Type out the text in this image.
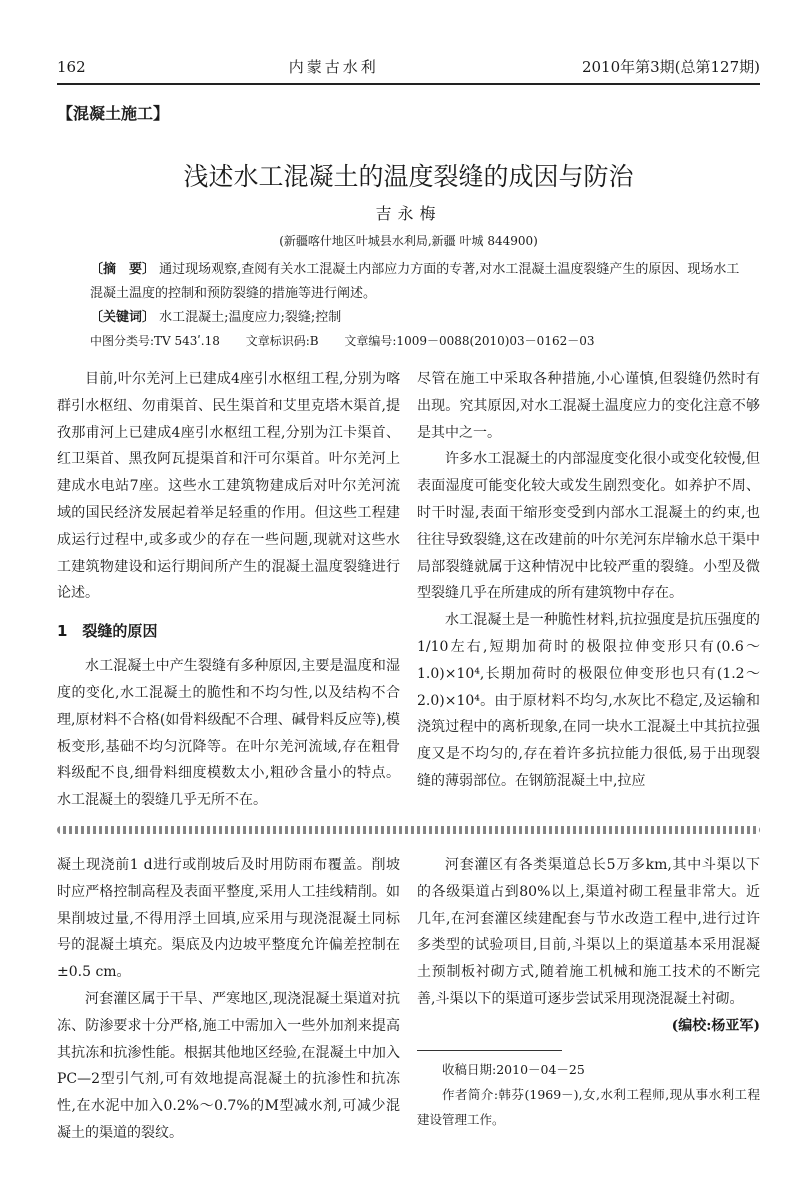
162	内蒙古水利	2010年第3期(总第127期)
【混凝土施工】
浅述水工混凝土的温度裂缝的成因与防治
吉永梅
(新疆喀什地区叶城县水利局,新疆 叶城 844900)
〔摘　要〕 通过现场观察,查阅有关水工混凝土内部应力方面的专著,对水工混凝土温度裂缝产生的原因、现场水工混凝土温度的控制和预防裂缝的措施等进行阐述。
〔关键词〕 水工混凝土;温度应力;裂缝;控制
中图分类号:TV 543ʹ.18 文章标识码:B 文章编号:1009－0088(2010)03－0162－03

目前,叶尔羌河上已建成4座引水枢纽工程,分别为喀群引水枢纽、勿甫渠首、民生渠首和艾里克塔木渠首,提孜那甫河上已建成4座引水枢纽工程,分别为江卡渠首、红卫渠首、黑孜阿瓦提渠首和汗可尔渠首。叶尔羌河上建成水电站7座。这些水工建筑物建成后对叶尔羌河流域的国民经济发展起着举足轻重的作用。但这些工程建成运行过程中,或多或少的存在一些问题,现就对这些水工建筑物建设和运行期间所产生的混凝土温度裂缝进行论述。

1　裂缝的原因

水工混凝土中产生裂缝有多种原因,主要是温度和湿度的变化,水工混凝土的脆性和不均匀性,以及结构不合理,原材料不合格(如骨料级配不合理、碱骨料反应等),模板变形,基础不均匀沉降等。在叶尔羌河流域,存在粗骨料级配不良,细骨料细度模数太小,粗砂含量小的特点。水工混凝土的裂缝几乎无所不在。

尽管在施工中采取各种措施,小心谨慎,但裂缝仍然时有出现。究其原因,对水工混凝土温度应力的变化注意不够是其中之一。

许多水工混凝土的内部湿度变化很小或变化较慢,但表面湿度可能变化较大或发生剧烈变化。如养护不周、时干时湿,表面干缩形变受到内部水工混凝土的约束,也往往导致裂缝,这在改建前的叶尔羌河东岸输水总干渠中局部裂缝就属于这种情况中比较严重的裂缝。小型及微型裂缝几乎在所建成的所有建筑物中存在。

水工混凝土是一种脆性材料,抗拉强度是抗压强度的1/10左右,短期加荷时的极限拉伸变形只有(0.6～1.0)×10⁴,长期加荷时的极限位伸变形也只有(1.2～2.0)×10⁴。由于原材料不均匀,水灰比不稳定,及运输和浇筑过程中的离析现象,在同一块水工混凝土中其抗拉强度又是不均匀的,存在着许多抗拉能力很低,易于出现裂缝的薄弱部位。在钢筋混凝土中,拉应

凝土现浇前1 d进行或削坡后及时用防雨布覆盖。削坡时应严格控制高程及表面平整度,采用人工挂线精削。如果削坡过量,不得用浮土回填,应采用与现浇混凝土同标号的混凝土填充。渠底及内边坡平整度允许偏差控制在±0.5 cm。

河套灌区属于干旱、严寒地区,现浇混凝土渠道对抗冻、防渗要求十分严格,施工中需加入一些外加剂来提高其抗冻和抗渗性能。根据其他地区经验,在混凝土中加入PC—2型引气剂,可有效地提高混凝土的抗渗性和抗冻性,在水泥中加入0.2%～0.7%的M型减水剂,可减少混凝土的渠道的裂纹。

河套灌区有各类渠道总长5万多km,其中斗渠以下的各级渠道占到80%以上,渠道衬砌工程量非常大。近几年,在河套灌区续建配套与节水改造工程中,进行过许多类型的试验项目,目前,斗渠以上的渠道基本采用混凝土预制板衬砌方式,随着施工机械和施工技术的不断完善,斗渠以下的渠道可逐步尝试采用现浇混凝土衬砌。

(编校:杨亚军)
收稿日期:2010－04－25
作者简介:韩芬(1969－),女,水利工程师,现从事水利工程建设管理工作。
